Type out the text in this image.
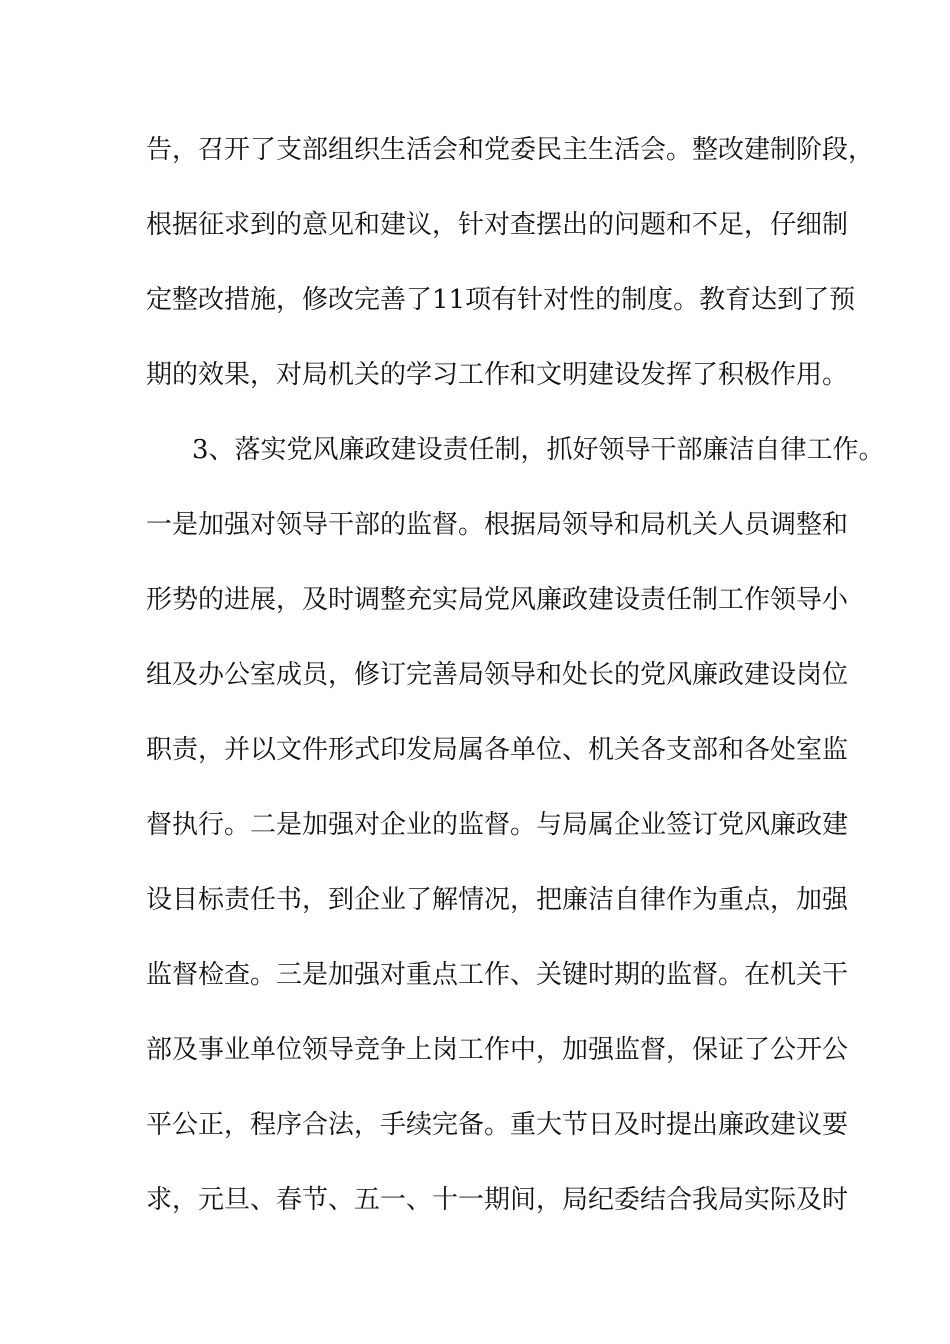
告，召开了支部组织生活会和党委民主生活会。整改建制阶段，
根据征求到的意见和建议，针对查摆出的问题和不足，仔细制
定整改措施，修改完善了11项有针对性的制度。教育达到了预
期的效果，对局机关的学习工作和文明建设发挥了积极作用。
3、落实党风廉政建设责任制，抓好领导干部廉洁自律工作。
一是加强对领导干部的监督。根据局领导和局机关人员调整和
形势的进展，及时调整充实局党风廉政建设责任制工作领导小
组及办公室成员，修订完善局领导和处长的党风廉政建设岗位
职责，并以文件形式印发局属各单位、机关各支部和各处室监
督执行。二是加强对企业的监督。与局属企业签订党风廉政建
设目标责任书，到企业了解情况，把廉洁自律作为重点，加强
监督检查。三是加强对重点工作、关键时期的监督。在机关干
部及事业单位领导竞争上岗工作中，加强监督，保证了公开公
平公正，程序合法，手续完备。重大节日及时提出廉政建议要
求，元旦、春节、五一、十一期间，局纪委结合我局实际及时
